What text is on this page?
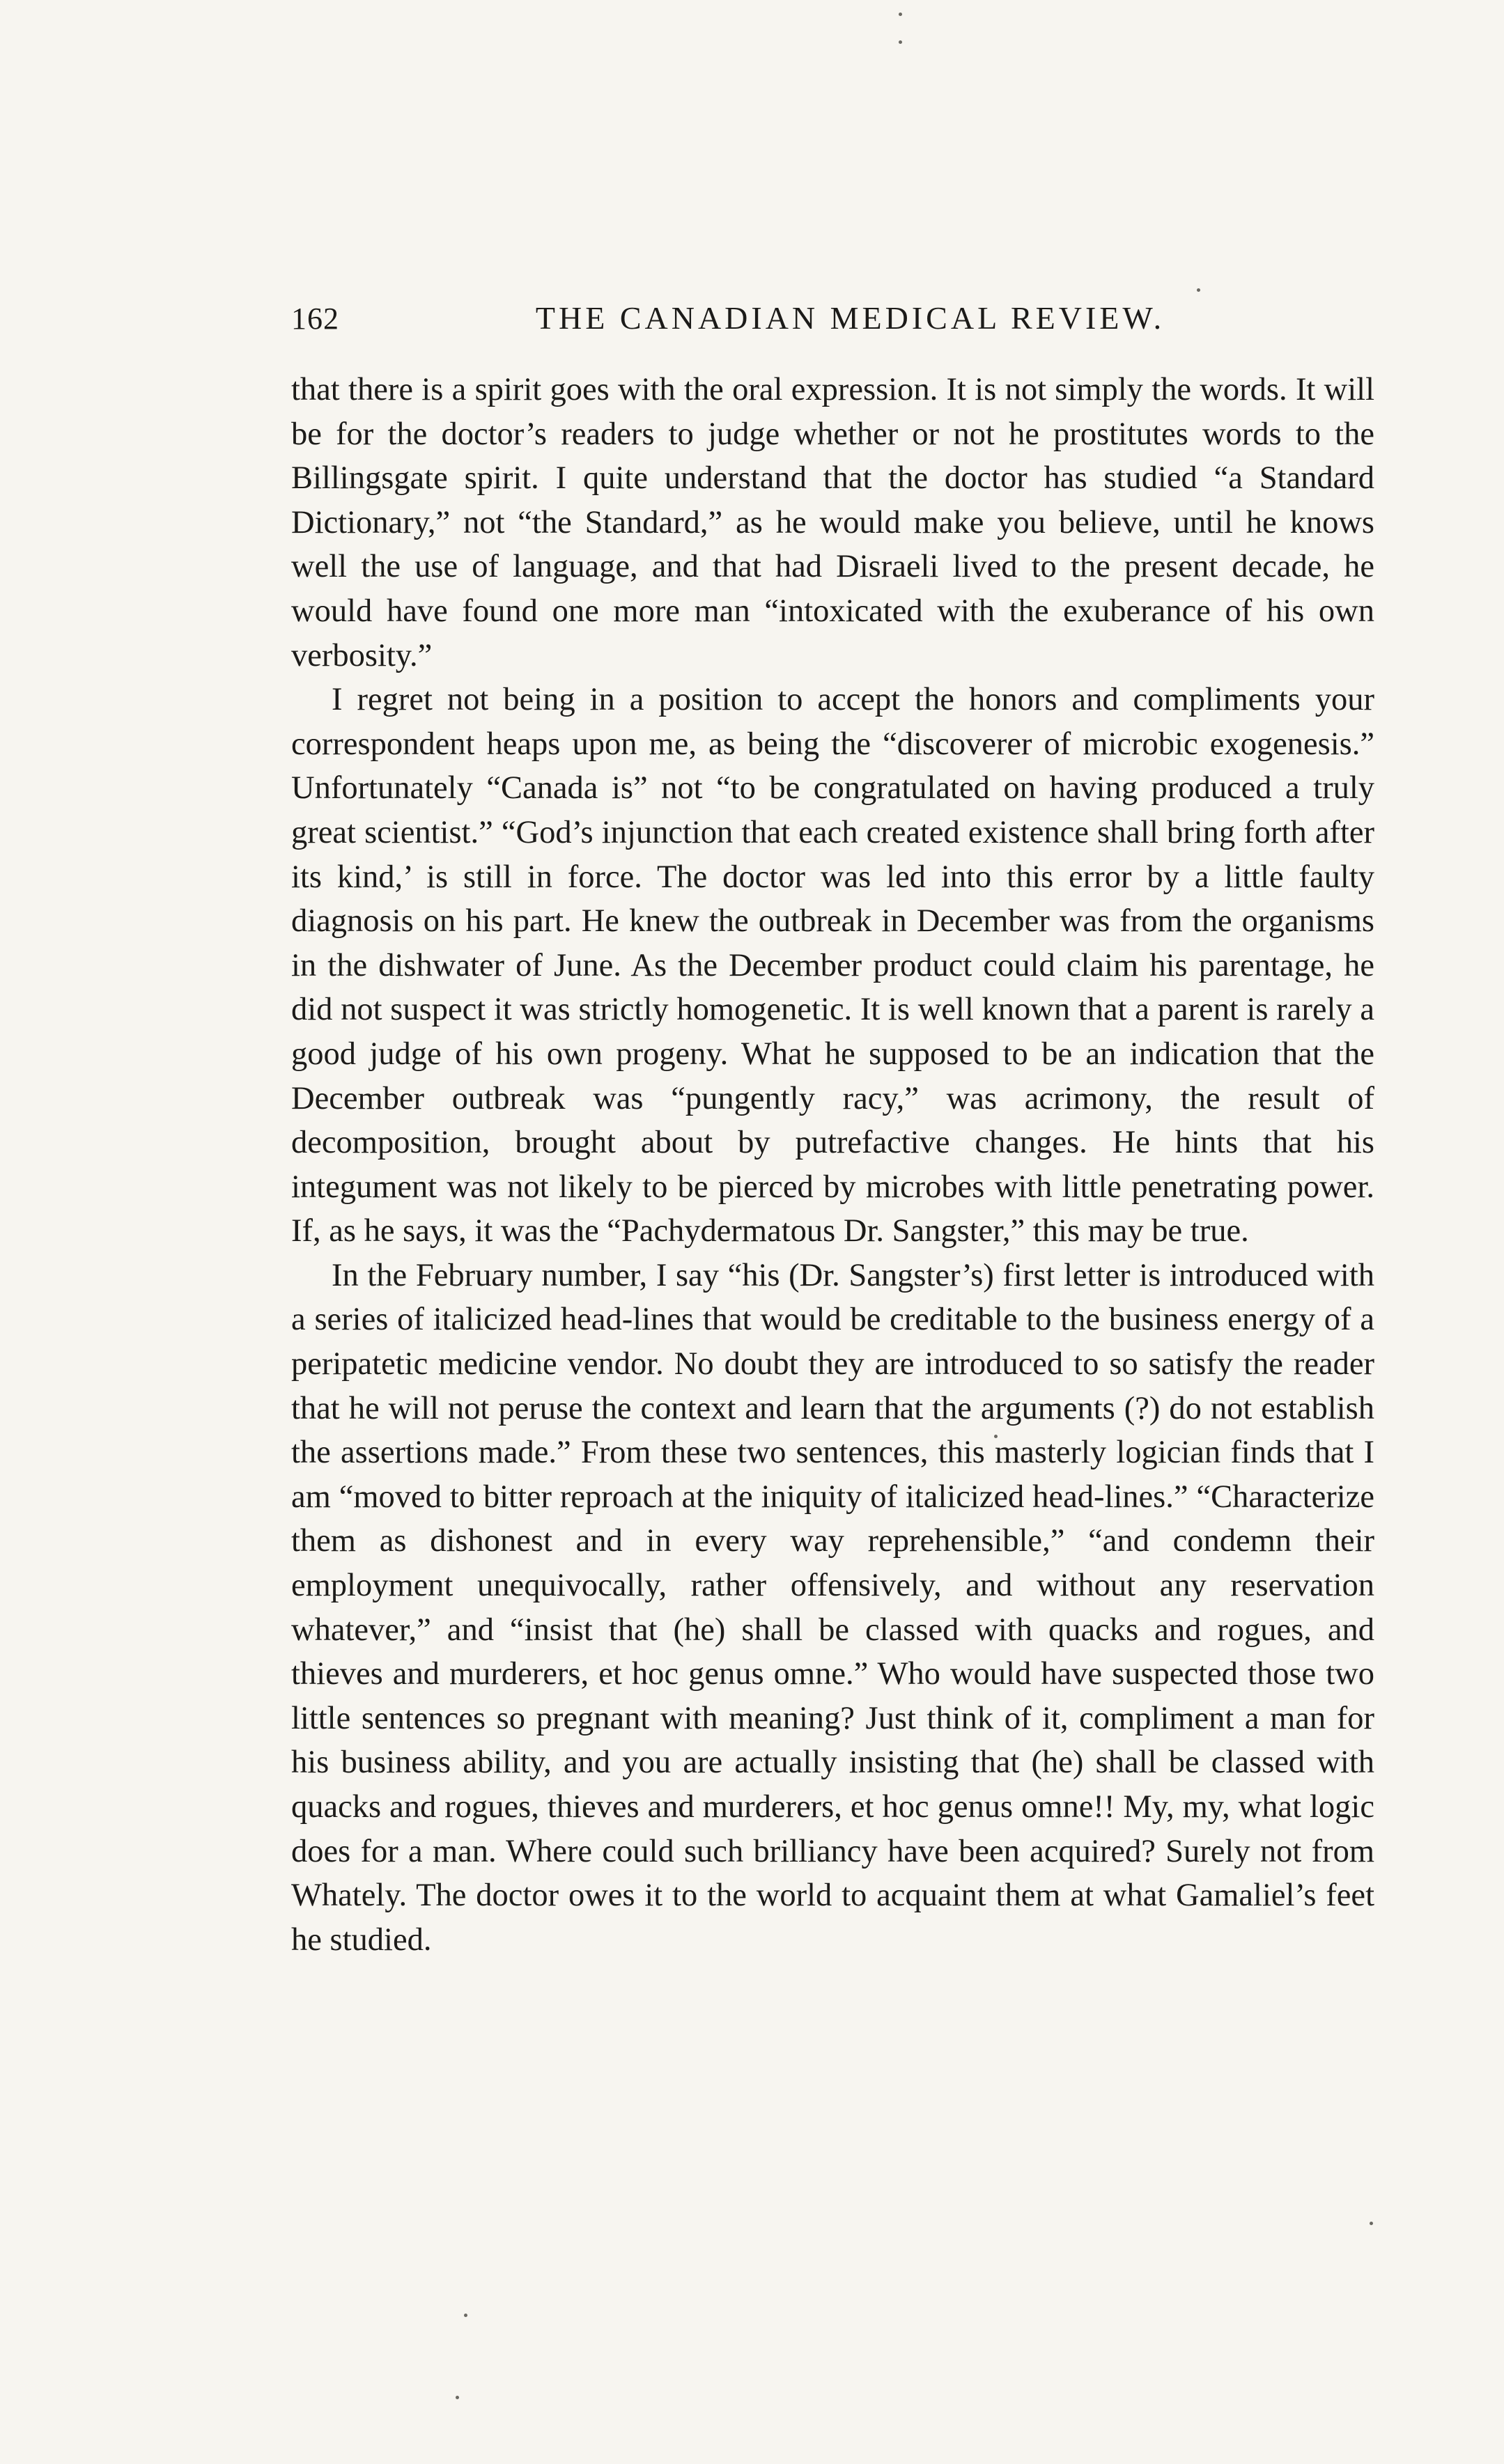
162	THE CANADIAN MEDICAL REVIEW.

that there is a spirit goes with the oral expression. It is not simply the words. It will be for the doctor’s readers to judge whether or not he prostitutes words to the Billingsgate spirit. I quite understand that the doctor has studied “a Standard Dictionary,” not “the Standard,” as he would make you believe, until he knows well the use of language, and that had Disraeli lived to the present decade, he would have found one more man “intoxicated with the exuberance of his own verbosity.”

I regret not being in a position to accept the honors and compliments your correspondent heaps upon me, as being the “discoverer of microbic exogenesis.” Unfortunately “Canada is” not “to be congratulated on having produced a truly great scientist.” “God’s injunction that each created existence shall bring forth after its kind,’ is still in force. The doctor was led into this error by a little faulty diagnosis on his part. He knew the outbreak in December was from the organisms in the dishwater of June. As the December product could claim his parentage, he did not suspect it was strictly homogenetic. It is well known that a parent is rarely a good judge of his own progeny. What he supposed to be an indication that the December outbreak was “pungently racy,” was acrimony, the result of decomposition, brought about by putrefactive changes. He hints that his integument was not likely to be pierced by microbes with little penetrating power. If, as he says, it was the “Pachydermatous Dr. Sangster,” this may be true.

In the February number, I say “his (Dr. Sangster’s) first letter is introduced with a series of italicized head-lines that would be creditable to the business energy of a peripatetic medicine vendor. No doubt they are introduced to so satisfy the reader that he will not peruse the context and learn that the arguments (?) do not establish the assertions made.” From these two sentences, this masterly logician finds that I am “moved to bitter reproach at the iniquity of italicized head-lines.” “Characterize them as dishonest and in every way reprehensible,” “and condemn their employment unequivocally, rather offensively, and without any reservation whatever,” and “insist that (he) shall be classed with quacks and rogues, and thieves and murderers, et hoc genus omne.” Who would have suspected those two little sentences so pregnant with meaning? Just think of it, compliment a man for his business ability, and you are actually insisting that (he) shall be classed with quacks and rogues, thieves and murderers, et hoc genus omne!! My, my, what logic does for a man. Where could such brilliancy have been acquired? Surely not from Whately. The doctor owes it to the world to acquaint them at what Gamaliel’s feet he studied.
